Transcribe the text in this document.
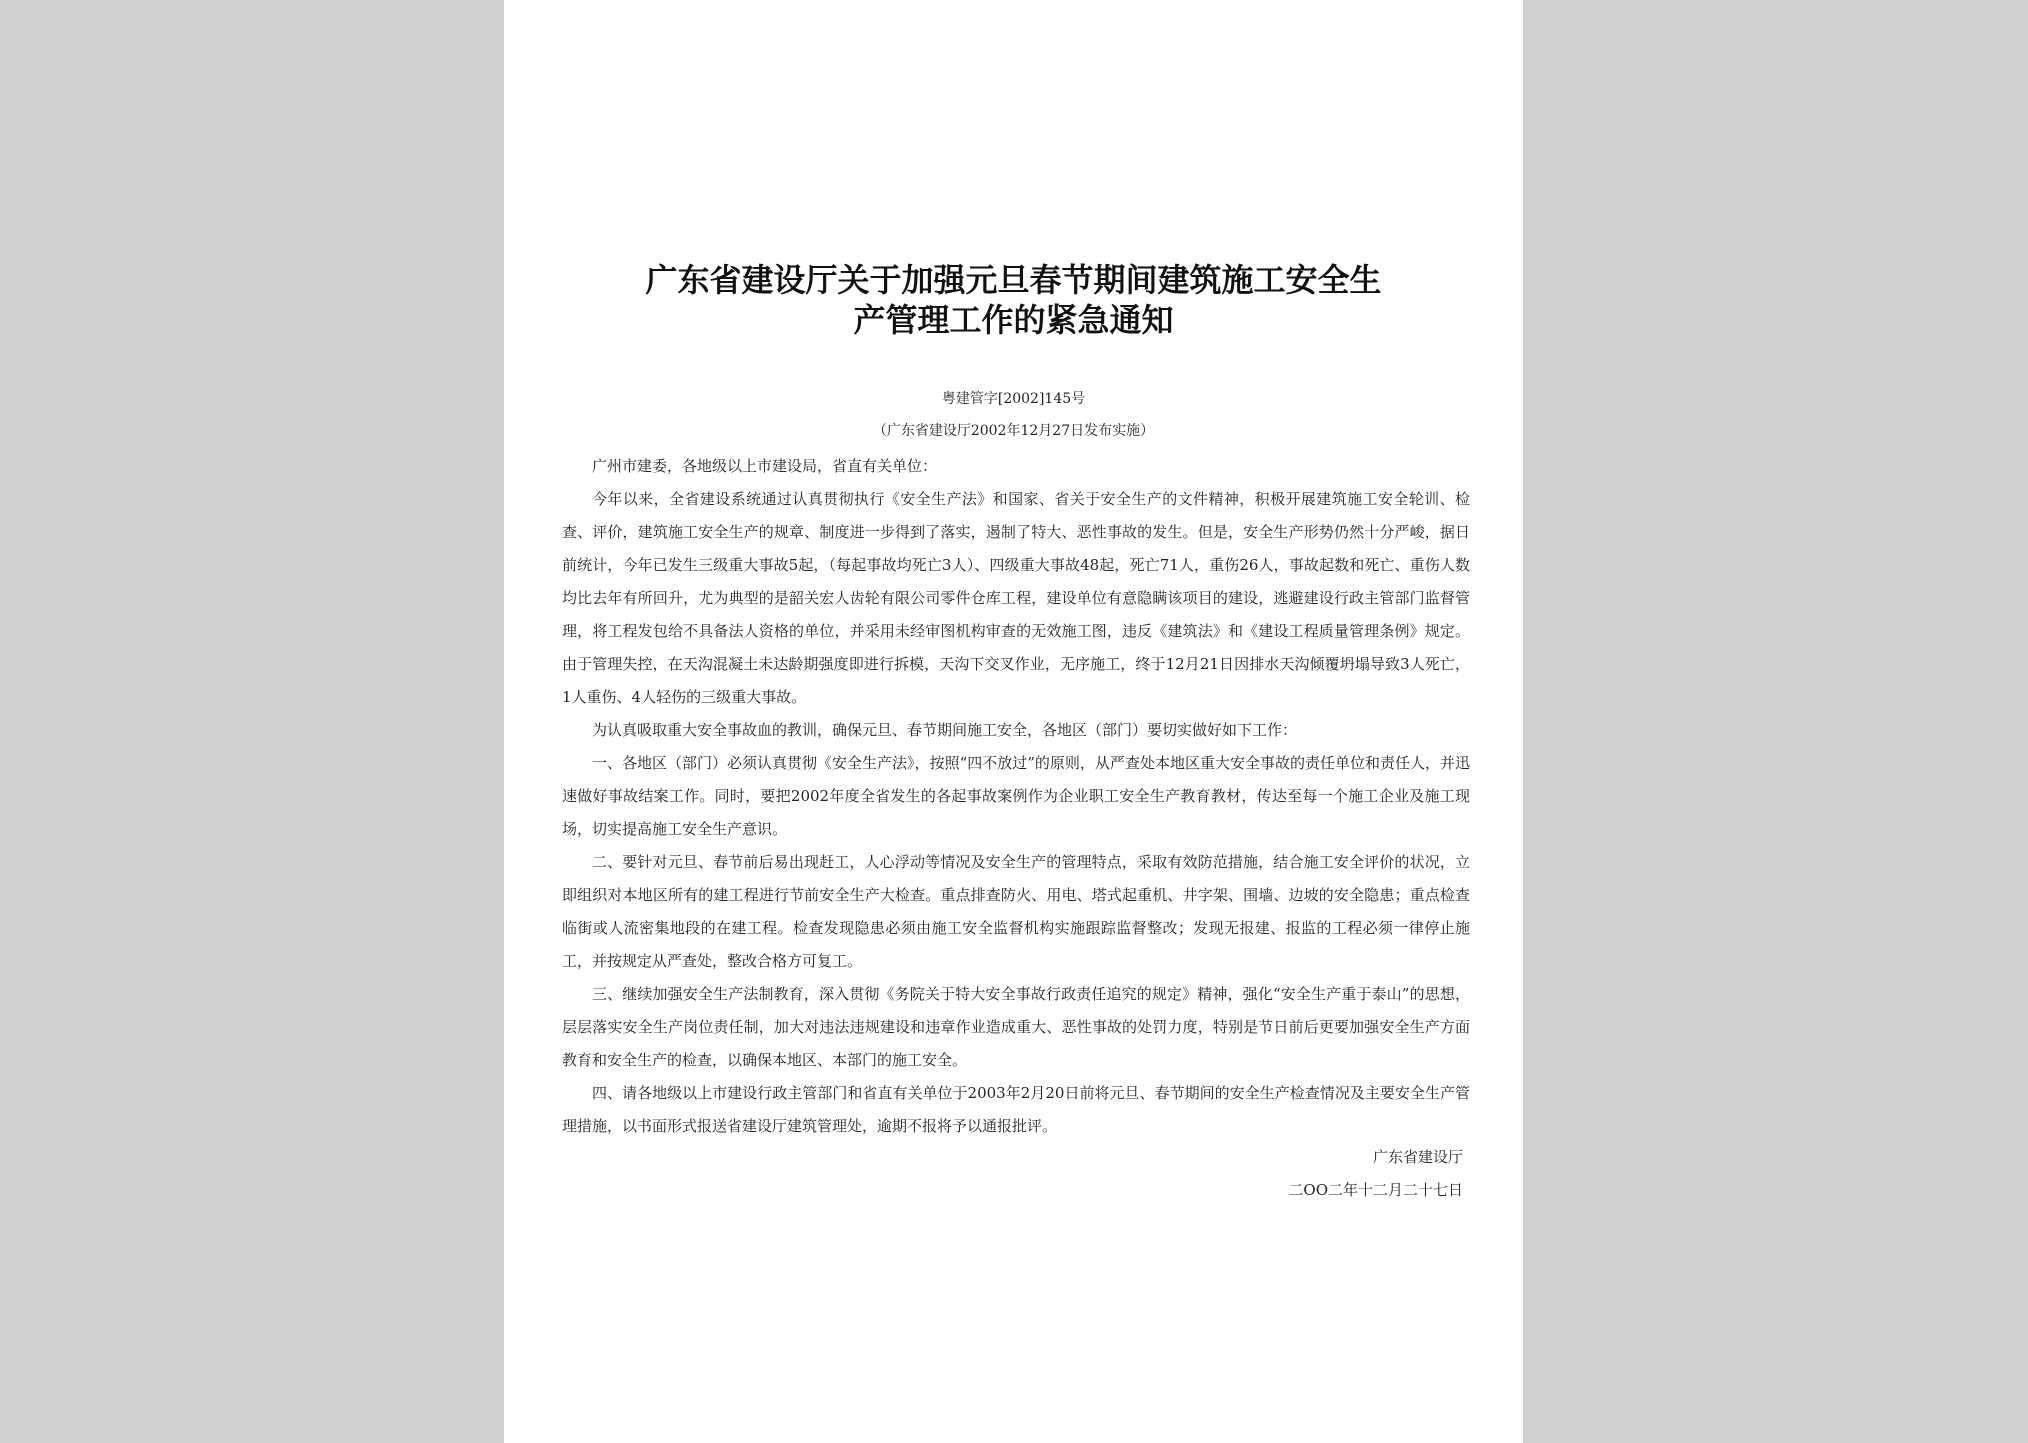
广东省建设厅关于加强元旦春节期间建筑施工安全生
产管理工作的紧急通知
粤建管字[2002]145号
（广东省建设厅2002年12月27日发布实施）

广州市建委，各地级以上市建设局，省直有关单位：

今年以来，全省建设系统通过认真贯彻执行《安全生产法》和国家、省关于安全生产的文件精神，积极开展建筑施工安全轮训、检查、评价，建筑施工安全生产的规章、制度进一步得到了落实，遏制了特大、恶性事故的发生。但是，安全生产形势仍然十分严峻，据日前统计，今年已发生三级重大事故5起，（每起事故均死亡3人）、四级重大事故48起，死亡71人，重伤26人，事故起数和死亡、重伤人数均比去年有所回升，尤为典型的是韶关宏人齿轮有限公司零件仓库工程，建设单位有意隐瞒该项目的建设，逃避建设行政主管部门监督管理，将工程发包给不具备法人资格的单位，并采用未经审图机构审查的无效施工图，违反《建筑法》和《建设工程质量管理条例》规定。由于管理失控，在天沟混凝土未达龄期强度即进行拆模，天沟下交叉作业，无序施工，终于12月21日因排水天沟倾覆坍塌导致3人死亡，1人重伤、4人轻伤的三级重大事故。

为认真吸取重大安全事故血的教训，确保元旦、春节期间施工安全，各地区（部门）要切实做好如下工作：

一、各地区（部门）必须认真贯彻《安全生产法》，按照“四不放过”的原则，从严查处本地区重大安全事故的责任单位和责任人，并迅速做好事故结案工作。同时，要把2002年度全省发生的各起事故案例作为企业职工安全生产教育教材，传达至每一个施工企业及施工现场，切实提高施工安全生产意识。

二、要针对元旦、春节前后易出现赶工，人心浮动等情况及安全生产的管理特点，采取有效防范措施，结合施工安全评价的状况，立即组织对本地区所有的建工程进行节前安全生产大检查。重点排查防火、用电、塔式起重机、井字架、围墙、边坡的安全隐患；重点检查临街或人流密集地段的在建工程。检查发现隐患必须由施工安全监督机构实施跟踪监督整改；发现无报建、报监的工程必须一律停止施工，并按规定从严查处，整改合格方可复工。

三、继续加强安全生产法制教育，深入贯彻《务院关于特大安全事故行政责任追究的规定》精神，强化“安全生产重于泰山”的思想，层层落实安全生产岗位责任制，加大对违法违规建设和违章作业造成重大、恶性事故的处罚力度，特别是节日前后更要加强安全生产方面教育和安全生产的检查，以确保本地区、本部门的施工安全。

四、请各地级以上市建设行政主管部门和省直有关单位于2003年2月20日前将元旦、春节期间的安全生产检查情况及主要安全生产管理措施，以书面形式报送省建设厅建筑管理处，逾期不报将予以通报批评。

广东省建设厅
二OO二年十二月二十七日
